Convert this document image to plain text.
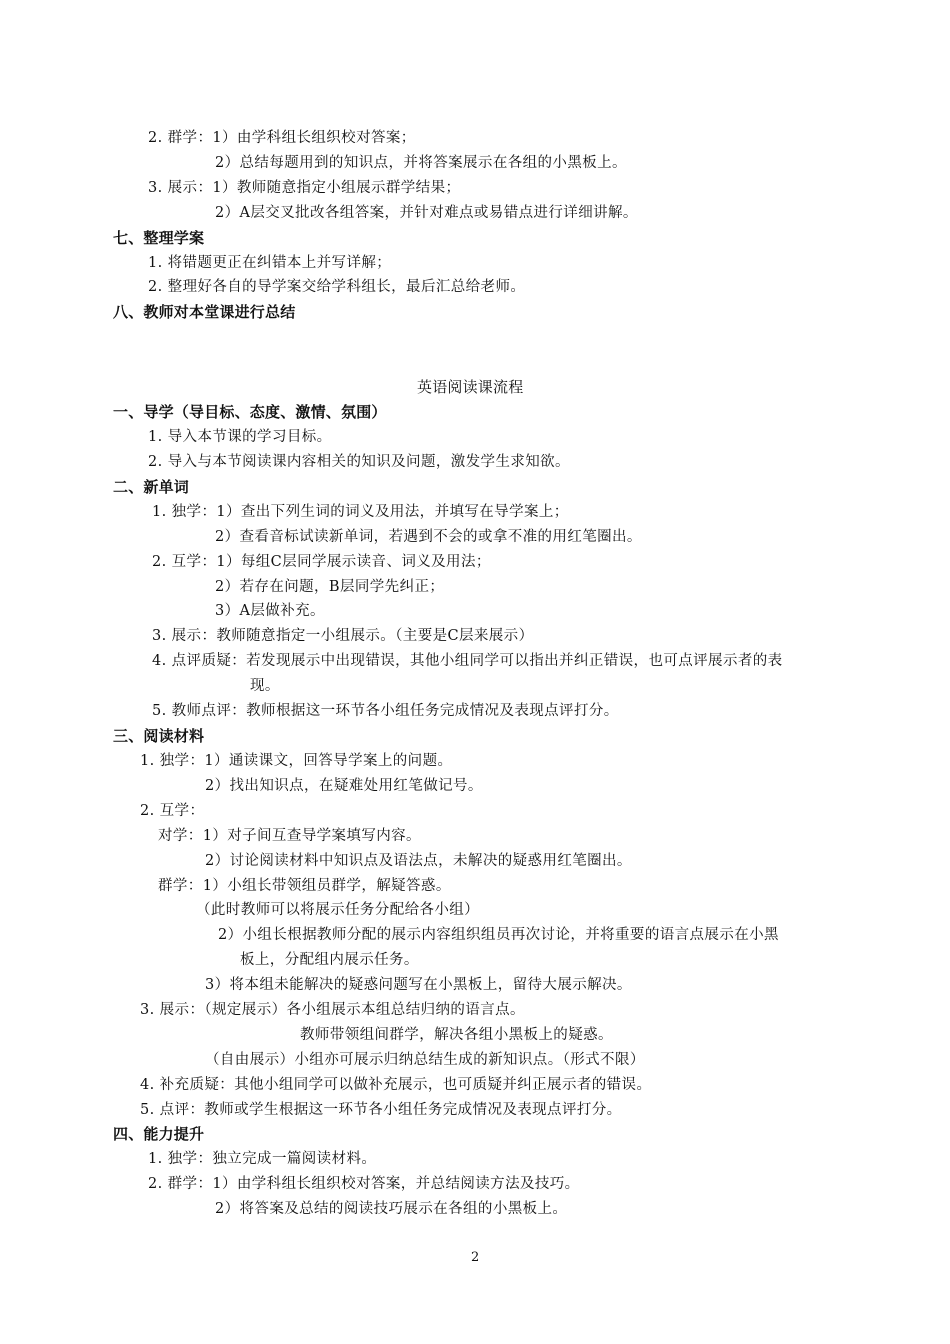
2. 群学：1）由学科组长组织校对答案；
2）总结每题用到的知识点，并将答案展示在各组的小黑板上。
3. 展示：1）教师随意指定小组展示群学结果；
2）A层交叉批改各组答案，并针对难点或易错点进行详细讲解。
七、整理学案
1. 将错题更正在纠错本上并写详解；
2. 整理好各自的导学案交给学科组长，最后汇总给老师。
八、教师对本堂课进行总结
英语阅读课流程
一、导学（导目标、态度、激情、氛围）
1. 导入本节课的学习目标。
2. 导入与本节阅读课内容相关的知识及问题，激发学生求知欲。
二、新单词
1. 独学：1）查出下列生词的词义及用法，并填写在导学案上；
2）查看音标试读新单词，若遇到不会的或拿不准的用红笔圈出。
2. 互学：1）每组C层同学展示读音、词义及用法；
2）若存在问题，B层同学先纠正；
3）A层做补充。
3. 展示：教师随意指定一小组展示。（主要是C层来展示）
4. 点评质疑：若发现展示中出现错误，其他小组同学可以指出并纠正错误，也可点评展示者的表
现。
5. 教师点评：教师根据这一环节各小组任务完成情况及表现点评打分。
三、阅读材料
1. 独学：1）通读课文，回答导学案上的问题。
2）找出知识点，在疑难处用红笔做记号。
2. 互学：
对学：1）对子间互查导学案填写内容。
2）讨论阅读材料中知识点及语法点，未解决的疑惑用红笔圈出。
群学：1）小组长带领组员群学，解疑答惑。
（此时教师可以将展示任务分配给各小组）
2）小组长根据教师分配的展示内容组织组员再次讨论，并将重要的语言点展示在小黑
板上，分配组内展示任务。
3）将本组未能解决的疑惑问题写在小黑板上，留待大展示解决。
3. 展示：（规定展示）各小组展示本组总结归纳的语言点。
教师带领组间群学，解决各组小黑板上的疑惑。
（自由展示）小组亦可展示归纳总结生成的新知识点。（形式不限）
4. 补充质疑：其他小组同学可以做补充展示，也可质疑并纠正展示者的错误。
5. 点评：教师或学生根据这一环节各小组任务完成情况及表现点评打分。
四、能力提升
1. 独学：独立完成一篇阅读材料。
2. 群学：1）由学科组长组织校对答案，并总结阅读方法及技巧。
2）将答案及总结的阅读技巧展示在各组的小黑板上。
2
